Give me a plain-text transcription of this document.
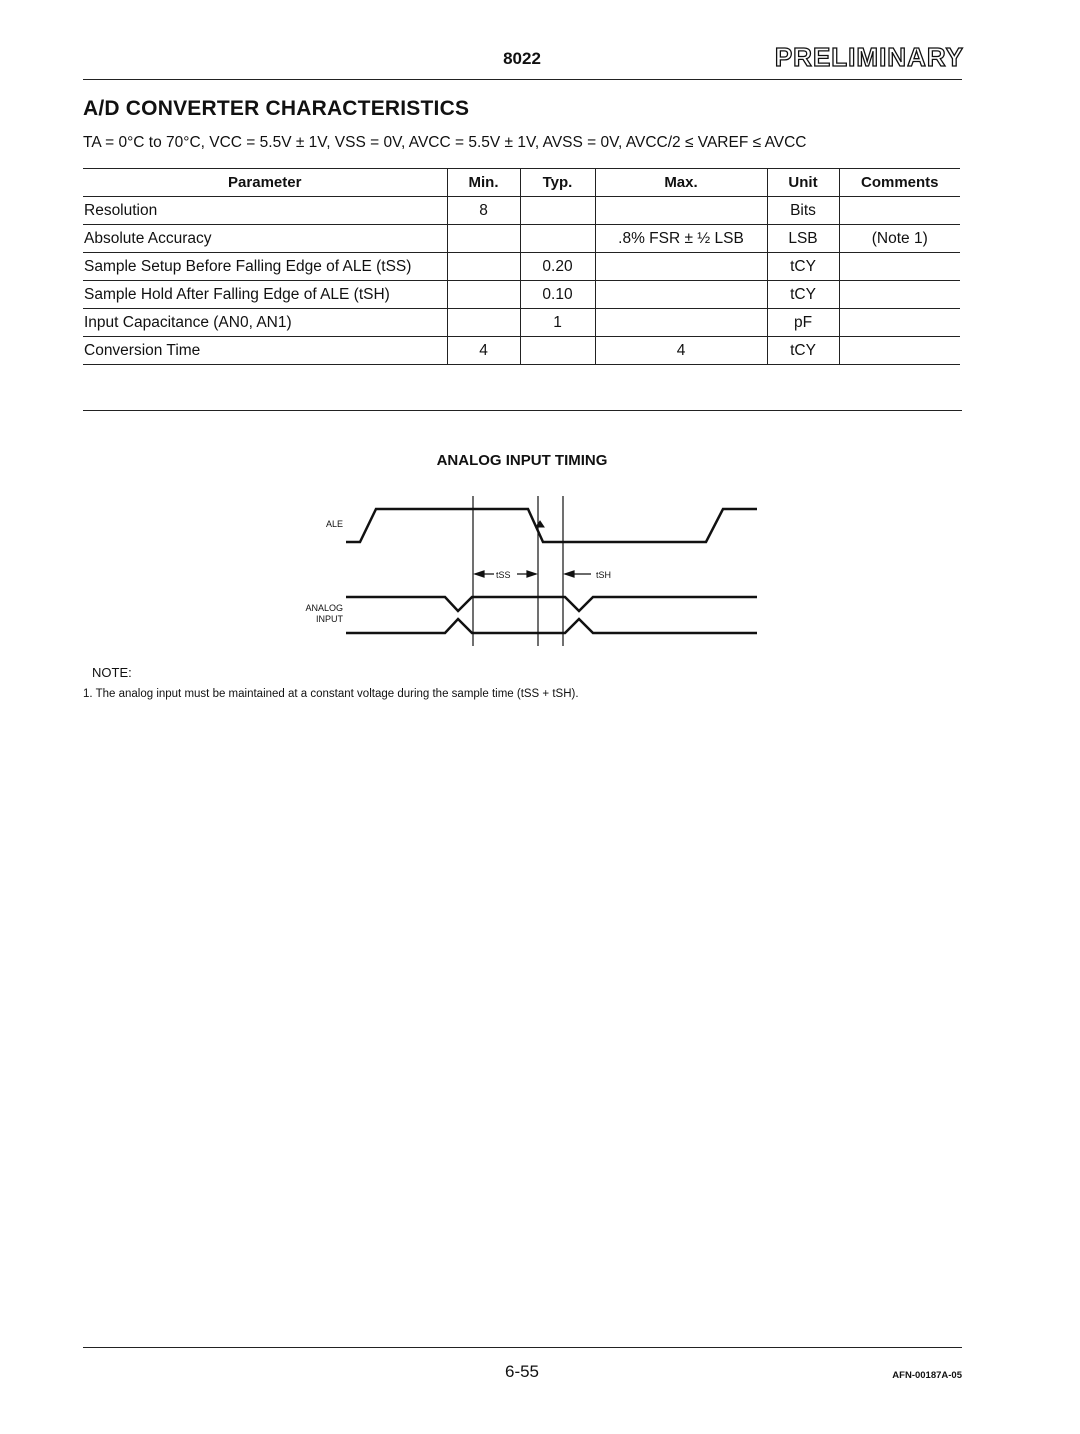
8022	PRELIMINARY
A/D CONVERTER CHARACTERISTICS
TA = 0°C to 70°C, VCC = 5.5V ± 1V, VSS = 0V, AVCC = 5.5V ± 1V, AVSS = 0V, AVCC/2 ≤ VAREF ≤ AVCC
Parameter	Min.	Typ.	Max.	Unit	Comments
Resolution	8			Bits	
Absolute Accuracy			.8% FSR ± ½ LSB	LSB	(Note 1)
Sample Setup Before Falling Edge of ALE (tSS)		0.20		tCY	
Sample Hold After Falling Edge of ALE (tSH)		0.10		tCY	
Input Capacitance (AN0, AN1)		1		pF	
Conversion Time	4		4	tCY	
ANALOG INPUT TIMING
ALE
ANALOG
INPUT
tSS	tSH
NOTE:
1. The analog input must be maintained at a constant voltage during the sample time (tSS + tSH).
6-55	AFN-00187A-05
